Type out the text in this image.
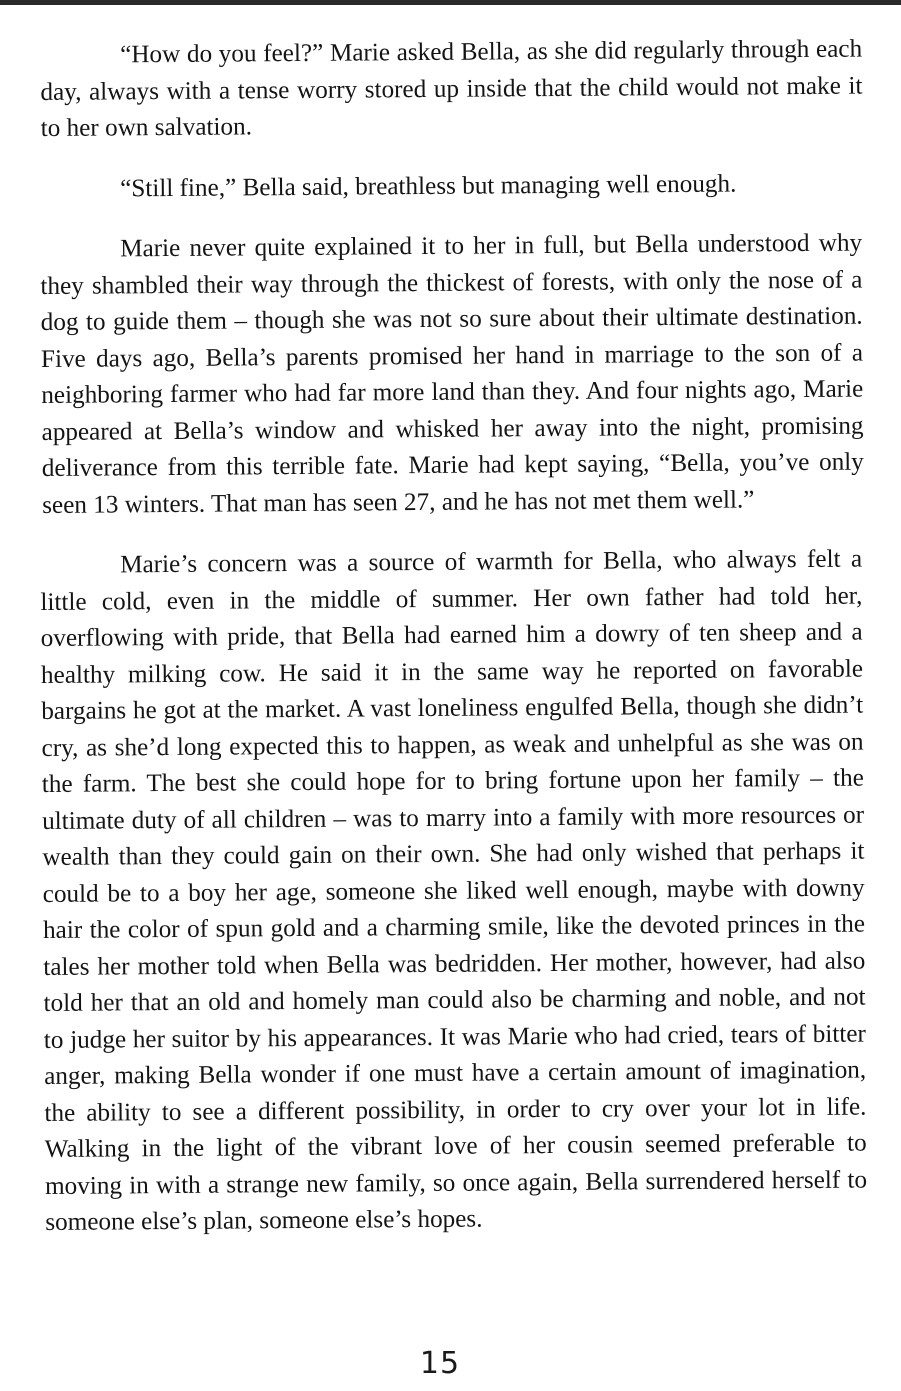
“How do you feel?” Marie asked Bella, as she did regularly through each day, always with a tense worry stored up inside that the child would not make it to her own salvation.

“Still fine,” Bella said, breathless but managing well enough.

Marie never quite explained it to her in full, but Bella understood why they shambled their way through the thickest of forests, with only the nose of a dog to guide them – though she was not so sure about their ultimate destination. Five days ago, Bella’s parents promised her hand in marriage to the son of a neighboring farmer who had far more land than they. And four nights ago, Marie appeared at Bella’s window and whisked her away into the night, promising deliverance from this terrible fate. Marie had kept saying, “Bella, you’ve only seen 13 winters. That man has seen 27, and he has not met them well.”

Marie’s concern was a source of warmth for Bella, who always felt a little cold, even in the middle of summer. Her own father had told her, overflowing with pride, that Bella had earned him a dowry of ten sheep and a healthy milking cow. He said it in the same way he reported on favorable bargains he got at the market. A vast loneliness engulfed Bella, though she didn’t cry, as she’d long expected this to happen, as weak and unhelpful as she was on the farm. The best she could hope for to bring fortune upon her family – the ultimate duty of all children – was to marry into a family with more resources or wealth than they could gain on their own. She had only wished that perhaps it could be to a boy her age, someone she liked well enough, maybe with downy hair the color of spun gold and a charming smile, like the devoted princes in the tales her mother told when Bella was bedridden. Her mother, however, had also told her that an old and homely man could also be charming and noble, and not to judge her suitor by his appearances. It was Marie who had cried, tears of bitter anger, making Bella wonder if one must have a certain amount of imagination, the ability to see a different possibility, in order to cry over your lot in life. Walking in the light of the vibrant love of her cousin seemed preferable to moving in with a strange new family, so once again, Bella surrendered herself to someone else’s plan, someone else’s hopes.

15
